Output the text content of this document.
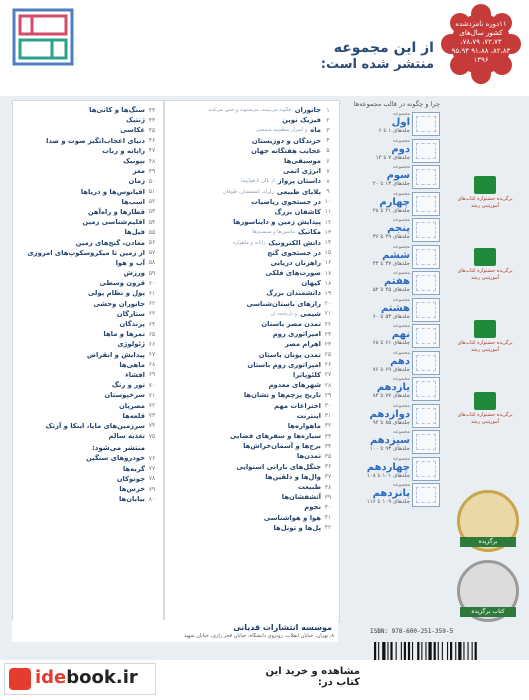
از این مجموعه
منتشر شده است:
۱۱دوره نامزدشده کشور سال‌های ۷۲،۷۳، ۷۸،۷۹، ۸۲،۸۳، ۹۱،۸۸ ۹۵،۹۴ ۱۳۹۶
۴۳
سنگ‌ها و کانی‌ها
۴۴
ژنتیک
۴۵
عکاسی
۴۶
دنیای اعجاب‌انگیز صوت و صدا
۴۷
رایانه و ربات
۴۸
بیونیک
۴۹
مغز
۵۰
زمان
۵۱
اقیانوس‌ها و دریاها
۵۲
اسب‌ها
۵۳
قطارها و راه‌آهن
۵۴
اقلیم‌شناسی زمین
۵۵
فیل‌ها
۵۶
معادن، گنج‌های زمین
۵۷
از زمین تا میکروسکوپ‌های امروزی
۵۸
آب و هوا
۵۹
ورزش
۶۰
قرون وسطی
۶۱
پول و نظام پولی
۶۲
جانوران وحشی
۶۳
ستارگان
۶۴
پرندگان
۶۵
تمرها و ماها
۶۶
ژئولوژی
۶۷
پیدایش و انقراض
۶۸
ماهی‌ها
۶۹
افشاء
۷۰
نور و رنگ
۷۱
سرخپوستان
۷۲
مصریان
۷۳
قلعه‌ها
۷۴
سرزمین‌های مایا، اینکا و آزتک
۷۵
تغذیه سالم
منتشر می‌شود:
۷۶
خودروهای سنگین
۷۷
گربه‌ها
۷۸
جونوکان
۷۹
خرس‌ها
۸۰
بیابان‌ها
۱
جانوران
چگونه می‌بینند، می‌شنوند و حس می‌کنند
۲
فیزیک نوین
۳
ماه
و اسرار منظومه شمسی
۴
خزندگان و دوزیستان
۵
عجایب هفتگانه جهان
۶
موسیقی‌ها
۷
انرژی اتمی
۸
داستان پرواز
از بالن تا هواپیما
۹
بلایای طبیعی
زلزله، آتشفشان، طوفان
۱۰
در جستجوی ریاضیات
۱۱
کاشفان بزرگ
۱۲
پیدایش زمین و دایناسورها
۱۳
مکانیک
ماشین‌ها و سیستم‌ها
۱۴
دانش الکترونیک
رایانه و ماهواره
۱۵
در جستجوی گنج
۱۶
راهزنان دریایی
۱۷
صورت‌های فلکی
۱۸
کیهان
۱۹
دانشمندان بزرگ
۲۰
رازهای باستان‌شناسی
۲۱
شیمی
و تاریخچه آن
۲۲
تمدن مصر باستان
۲۳
امپراتوری روم
۲۴
اهرام مصر
۲۵
تمدن یونان باستان
۲۶
امپراتوری روم باستان
۲۷
کلئوپاترا
۲۸
شهرهای معدوم
۲۹
تاریخ پرچم‌ها و نشان‌ها
۳۰
اختراعات مهم
۳۱
اینترنت
۳۲
ماهواره‌ها
۳۳
سیاره‌ها و سفرهای فضایی
۳۴
برج‌ها و آسمان‌خراش‌ها
۳۵
تمدن‌ها
۳۶
جنگل‌های بارانی استوایی
۳۷
وال‌ها و دلفین‌ها
۳۸
طبیعت
۳۹
آتشفشان‌ها
۴۰
نجوم
۴۱
هوا و هواشناسی
۴۲
پل‌ها و تونل‌ها
چرا و چگونه در قالب مجموعه‌ها
مجموعه
اول
جلدهای ۱ تا ۶
مجموعه
دوم
جلدهای ۷ تا ۱۲
مجموعه
سوم
جلدهای ۱۳ تا ۲۰
مجموعه
چهارم
جلدهای ۲۱ تا ۲۸
مجموعه
پنجم
جلدهای ۲۹ تا ۳۶
مجموعه
ششم
جلدهای ۳۷ تا ۴۴
مجموعه
هفتم
جلدهای ۴۵ تا ۵۲
مجموعه
هشتم
جلدهای ۵۳ تا ۶۰
مجموعه
نهم
جلدهای ۶۱ تا ۶۸
مجموعه
دهم
جلدهای ۶۹ تا ۷۶
مجموعه
یازدهم
جلدهای ۷۷ تا ۸۴
مجموعه
دوازدهم
جلدهای ۸۵ تا ۹۲
مجموعه
سیزدهم
جلدهای ۹۳ تا ۱۰۰
مجموعه
چهاردهم
جلدهای ۱۰۱ تا ۱۰۸
مجموعه
پانزدهم
جلدهای ۱۰۹ تا ۱۱۶
برگزیده جشنواره کتاب‌های آموزشی رشد
برگزیده جشنواره کتاب‌های آموزشی رشد
برگزیده جشنواره کتاب‌های آموزشی رشد
برگزیده جشنواره کتاب‌های آموزشی رشد
برگزیده
کتاب برگزیده
موسسه انتشارات قدیانی
۸، تهران، خیابان انقلاب، روبروی دانشگاه، خیابان فخر رازی، خیابان شهید
ISBN: 978-600-251-359-5
idebook.ir	مشاهده و خرید این کتاب در:
